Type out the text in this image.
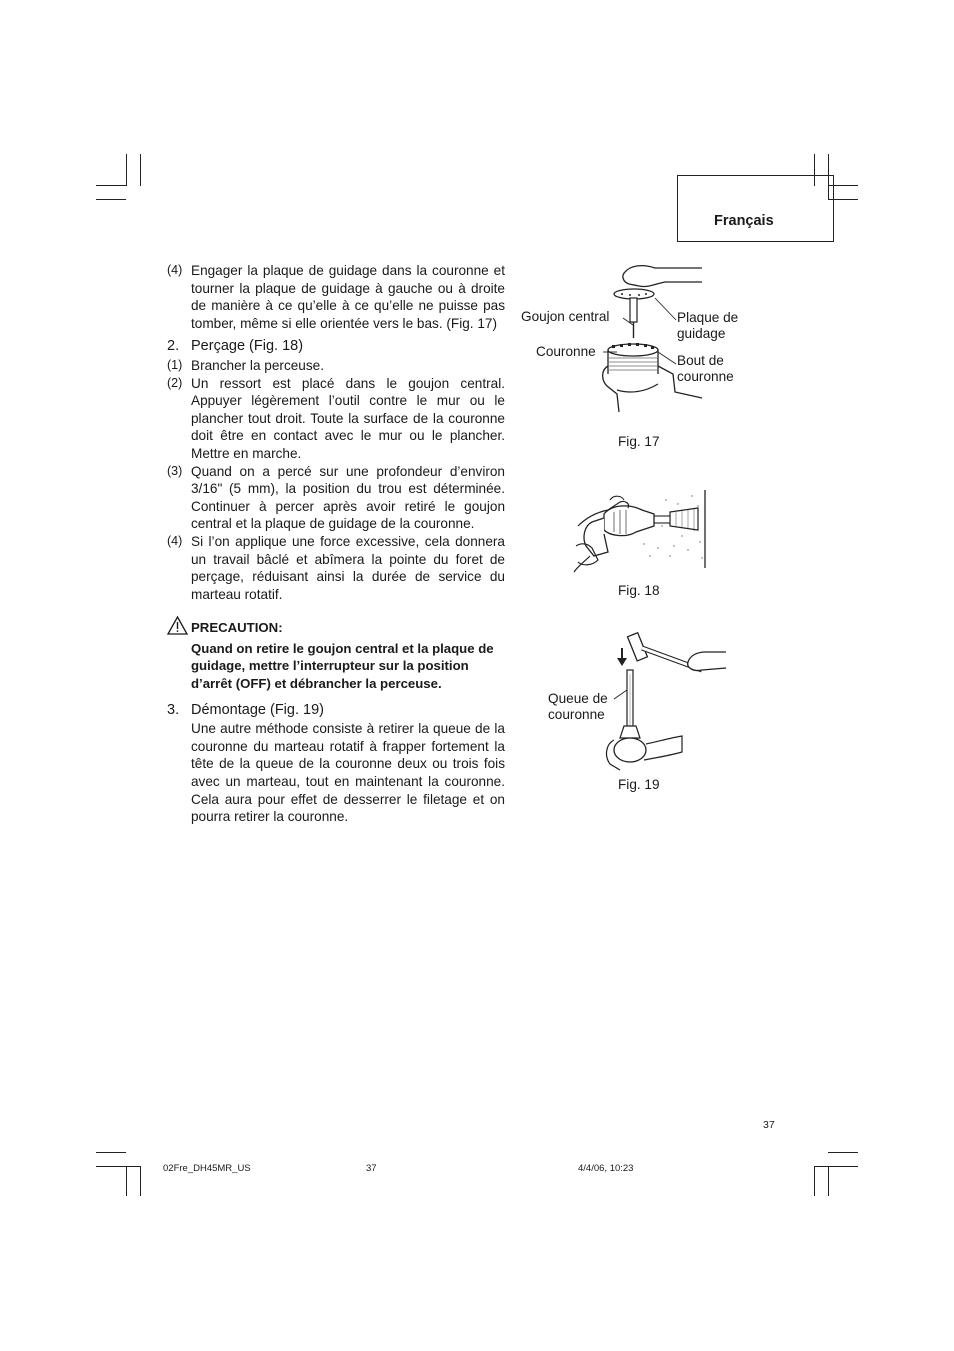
Français
(4) Engager la plaque de guidage dans la couronne et tourner la plaque de guidage à gauche ou à droite de manière à ce qu’elle à ce qu’elle ne puisse pas tomber, même si elle orientée vers le bas. (Fig. 17)
2. Perçage (Fig. 18)
(1) Brancher la perceuse.
(2) Un ressort est placé dans le goujon central. Appuyer légèrement l’outil contre le mur ou le plancher tout droit. Toute la surface de la couronne doit être en contact avec le mur ou le plancher. Mettre en marche.
(3) Quand on a percé sur une profondeur d’environ 3/16" (5 mm), la position du trou est déterminée. Continuer à percer après avoir retiré le goujon central et la plaque de guidage de la couronne.
(4) Si l’on applique une force excessive, cela donnera un travail bâclé et abîmera la pointe du foret de perçage, réduisant ainsi la durée de service du marteau rotatif.
PRECAUTION :
Quand on retire le goujon central et la plaque de guidage, mettre l’interrupteur sur la position d’arrêt (OFF) et débrancher la perceuse.
3. Démontage (Fig. 19)
Une autre méthode consiste à retirer la queue de la couronne du marteau rotatif à frapper fortement la tête de la queue de la couronne deux ou trois fois avec un marteau, tout en maintenant la couronne. Cela aura pour effet de desserrer le filetage et on pourra retirer la couronne.
Goujon central	Plaque de
guidage
Couronne
Bout de
couronne
Fig. 17
Fig. 18
Queue de
couronne
Fig. 19
37
02Fre_DH45MR_US	37	4/4/06, 10:23
